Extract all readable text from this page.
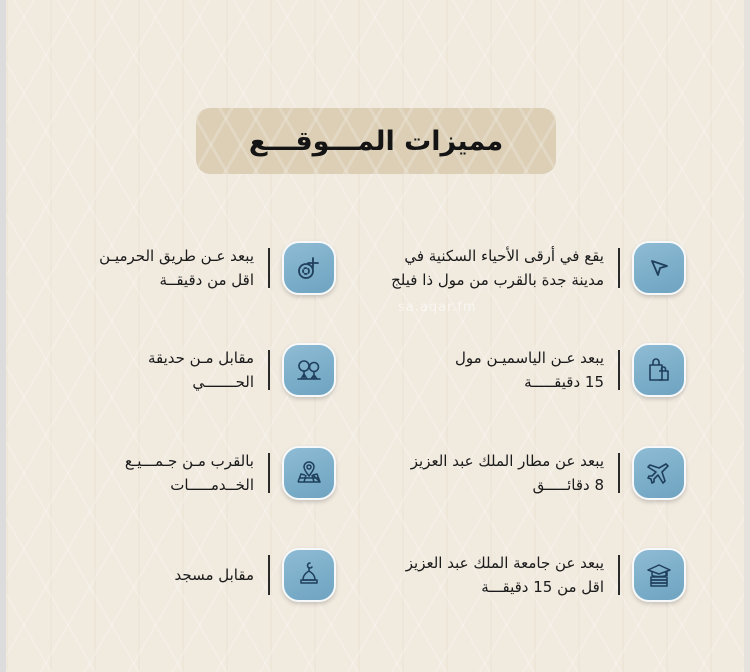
مميزات المـــوقـــع
sa.aqar.fm
يقع في أرقى الأحياء السكنية في
مدينة جدة بالقرب من مول ذا فيلج
يبعد عـن طريق الحرميـن
اقل من دقيقــة
يبعد عـن الياسميـن مول
15 دقيقـــــة
مقابل مـن حديقة
الحـــــــي
يبعد عن مطار الملك عبد العزيز
8 دقائـــــق
بالقرب مـن جـمـــيـع
الخــدمـــــات
يبعد عن جامعة الملك عبد العزيز
اقل من 15 دقيقـــة
مقابل مسجد
